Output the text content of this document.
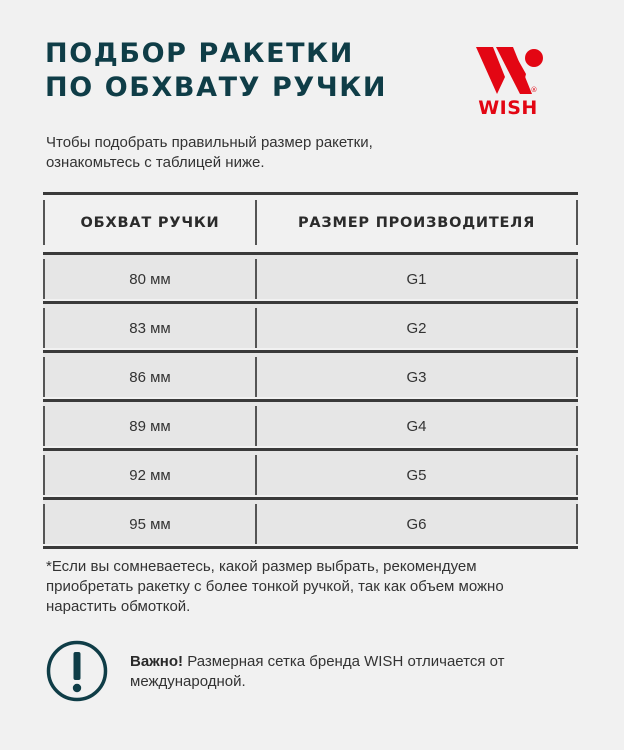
ПОДБОР РАКЕТКИ
ПО ОБХВАТУ РУЧКИ	®
WISH
Чтобы подобрать правильный размер ракетки, ознакомьтесь с таблицей ниже.
ОБХВАТ РУЧКИ	РАЗМЕР ПРОИЗВОДИТЕЛЯ
80 мм	G1
83 мм	G2
86 мм	G3
89 мм	G4
92 мм	G5
95 мм	G6
*Если вы сомневаетесь, какой размер выбрать, рекомендуем приобретать ракетку с более тонкой ручкой, так как объем можно нарастить обмоткой.
Важно! Размерная сетка бренда WISH отличается от международной.
